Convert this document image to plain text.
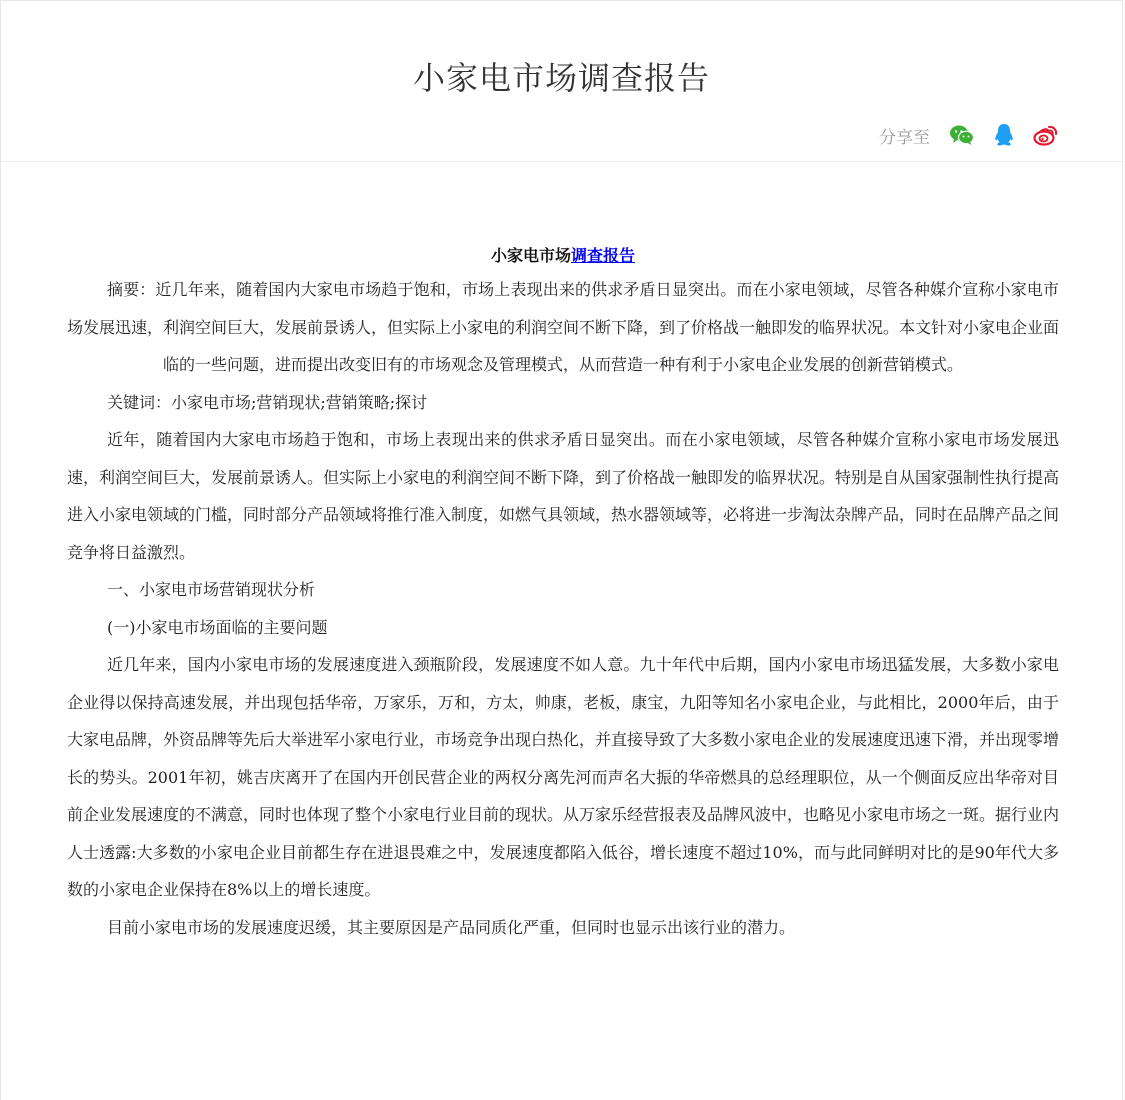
小家电市场调查报告
分享至
小家电市场调查报告

摘要：近几年来，随着国内大家电市场趋于饱和，市场上表现出来的供求矛盾日显突出。而在小家电领域，尽管各种媒介宣称小家电市场发展迅速，利润空间巨大，发展前景诱人，但实际上小家电的利润空间不断下降，到了价格战一触即发的临界状况。本文针对小家电企业面临的一些问题，进而提出改变旧有的市场观念及管理模式，从而营造一种有利于小家电企业发展的创新营销模式。

关键词：小家电市场;营销现状;营销策略;探讨

近年，随着国内大家电市场趋于饱和，市场上表现出来的供求矛盾日显突出。而在小家电领域，尽管各种媒介宣称小家电市场发展迅速，利润空间巨大，发展前景诱人。但实际上小家电的利润空间不断下降，到了价格战一触即发的临界状况。特别是自从国家强制性执行提高进入小家电领域的门槛，同时部分产品领域将推行准入制度，如燃气具领域，热水器领域等，必将进一步淘汰杂牌产品，同时在品牌产品之间竞争将日益激烈。

一、小家电市场营销现状分析

(一)小家电市场面临的主要问题

近几年来，国内小家电市场的发展速度进入颈瓶阶段，发展速度不如人意。九十年代中后期，国内小家电市场迅猛发展，大多数小家电企业得以保持高速发展，并出现包括华帝，万家乐，万和，方太，帅康，老板，康宝，九阳等知名小家电企业，与此相比，2000年后，由于大家电品牌，外资品牌等先后大举进军小家电行业，市场竞争出现白热化，并直接导致了大多数小家电企业的发展速度迅速下滑，并出现零增长的势头。2001年初，姚吉庆离开了在国内开创民营企业的两权分离先河而声名大振的华帝燃具的总经理职位，从一个侧面反应出华帝对目前企业发展速度的不满意，同时也体现了整个小家电行业目前的现状。从万家乐经营报表及品牌风波中，也略见小家电市场之一斑。据行业内人士透露:大多数的小家电企业目前都生存在进退畏难之中，发展速度都陷入低谷，增长速度不超过10%，而与此同鲜明对比的是90年代大多数的小家电企业保持在8%以上的增长速度。

目前小家电市场的发展速度迟缓，其主要原因是产品同质化严重，但同时也显示出该行业的潜力。
